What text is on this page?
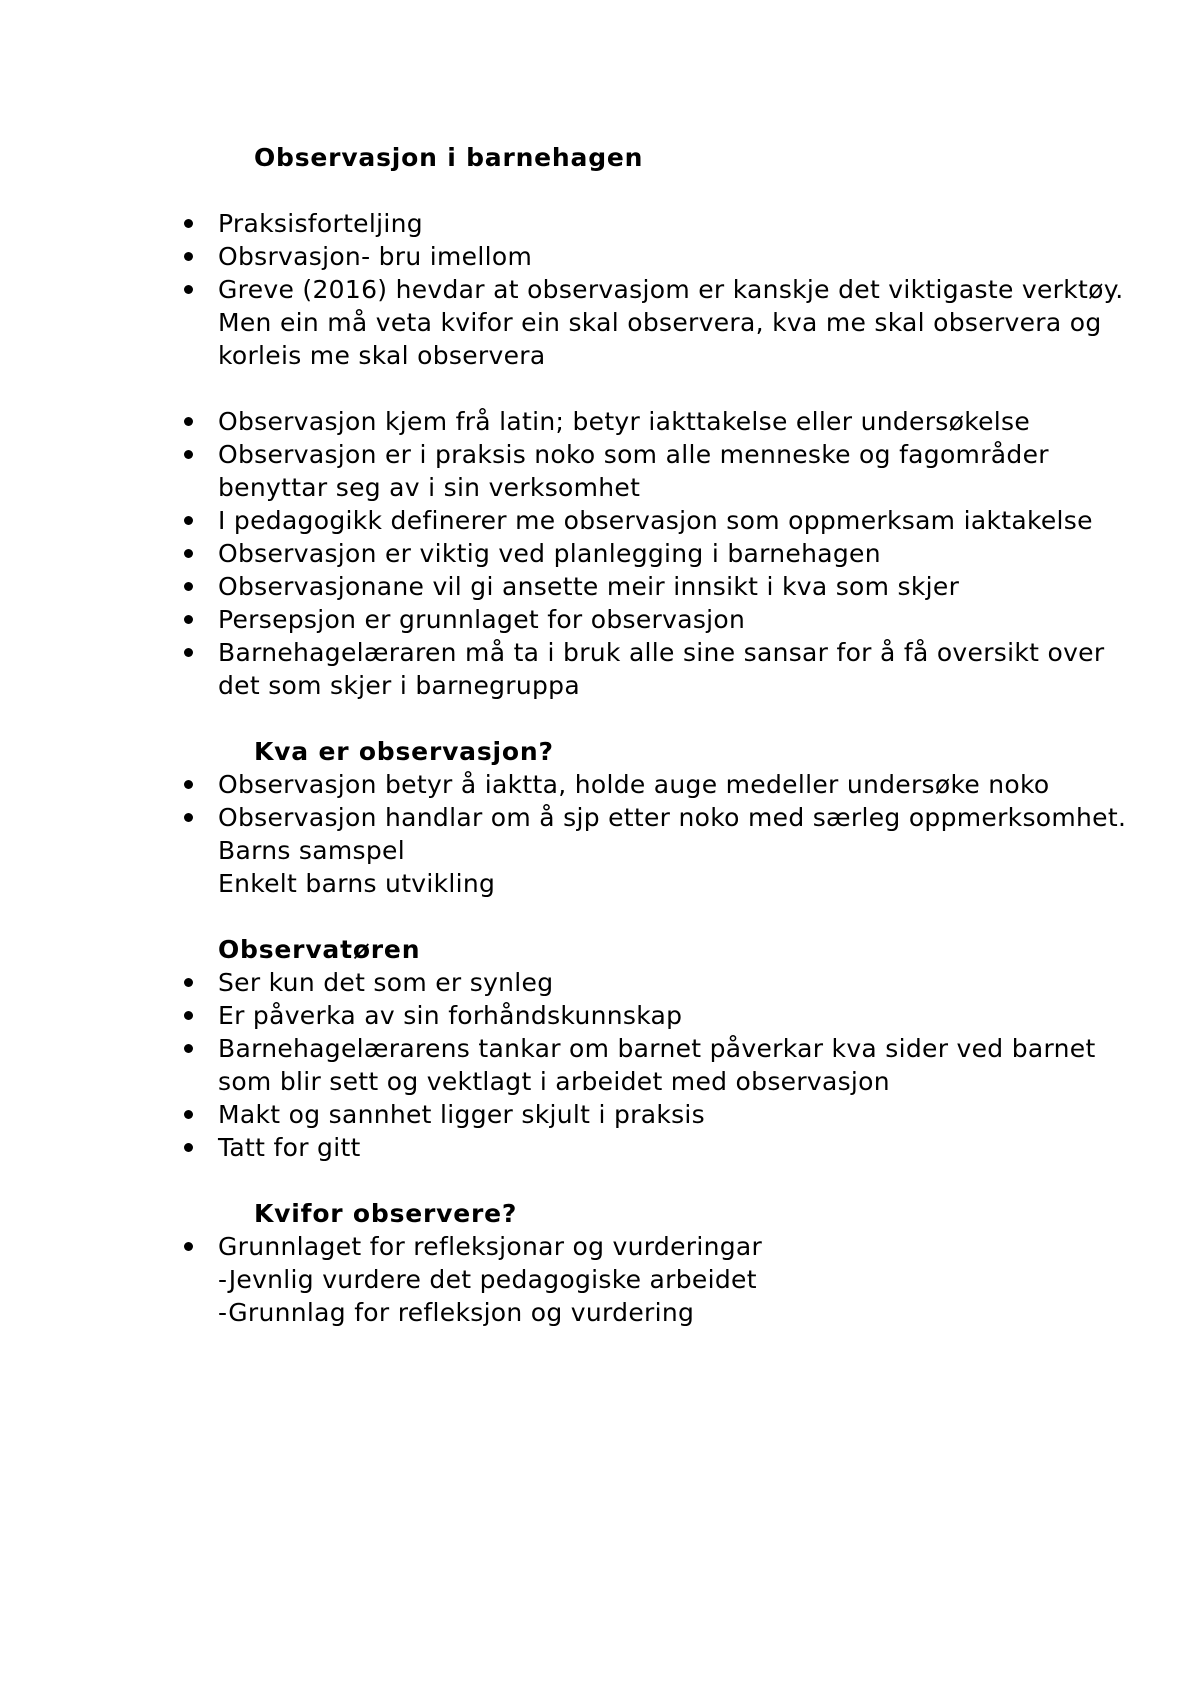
Observasjon i barnehagen
Praksisforteljing
Obsrvasjon- bru imellom
Greve (2016) hevdar at observasjom er kanskje det viktigaste verktøy. Men ein må veta kvifor ein skal observera, kva me skal observera og korleis me skal observera
Observasjon kjem frå latin; betyr iakttakelse eller undersøkelse
Observasjon er i praksis noko som alle menneske og fagområder benyttar seg av i sin verksomhet
I pedagogikk definerer me observasjon som oppmerksam iaktakelse
Observasjon er viktig ved planlegging i barnehagen
Observasjonane vil gi ansette meir innsikt i kva som skjer
Persepsjon er grunnlaget for observasjon
Barnehagelæraren må ta i bruk alle sine sansar for å få oversikt over det som skjer i barnegruppa
Kva er observasjon?
Observasjon betyr å iaktta, holde auge medeller undersøke noko
Observasjon handlar om å sjp etter noko med særleg oppmerksomhet.
Barns samspel
Enkelt barns utvikling
Observatøren
Ser kun det som er synleg
Er påverka av sin forhåndskunnskap
Barnehagelærarens tankar om barnet påverkar kva sider ved barnet som blir sett og vektlagt i arbeidet med observasjon
Makt og sannhet ligger skjult i praksis
Tatt for gitt
Kvifor observere?
Grunnlaget for refleksjonar og vurderingar
-Jevnlig vurdere det pedagogiske arbeidet
-Grunnlag for refleksjon og vurdering
